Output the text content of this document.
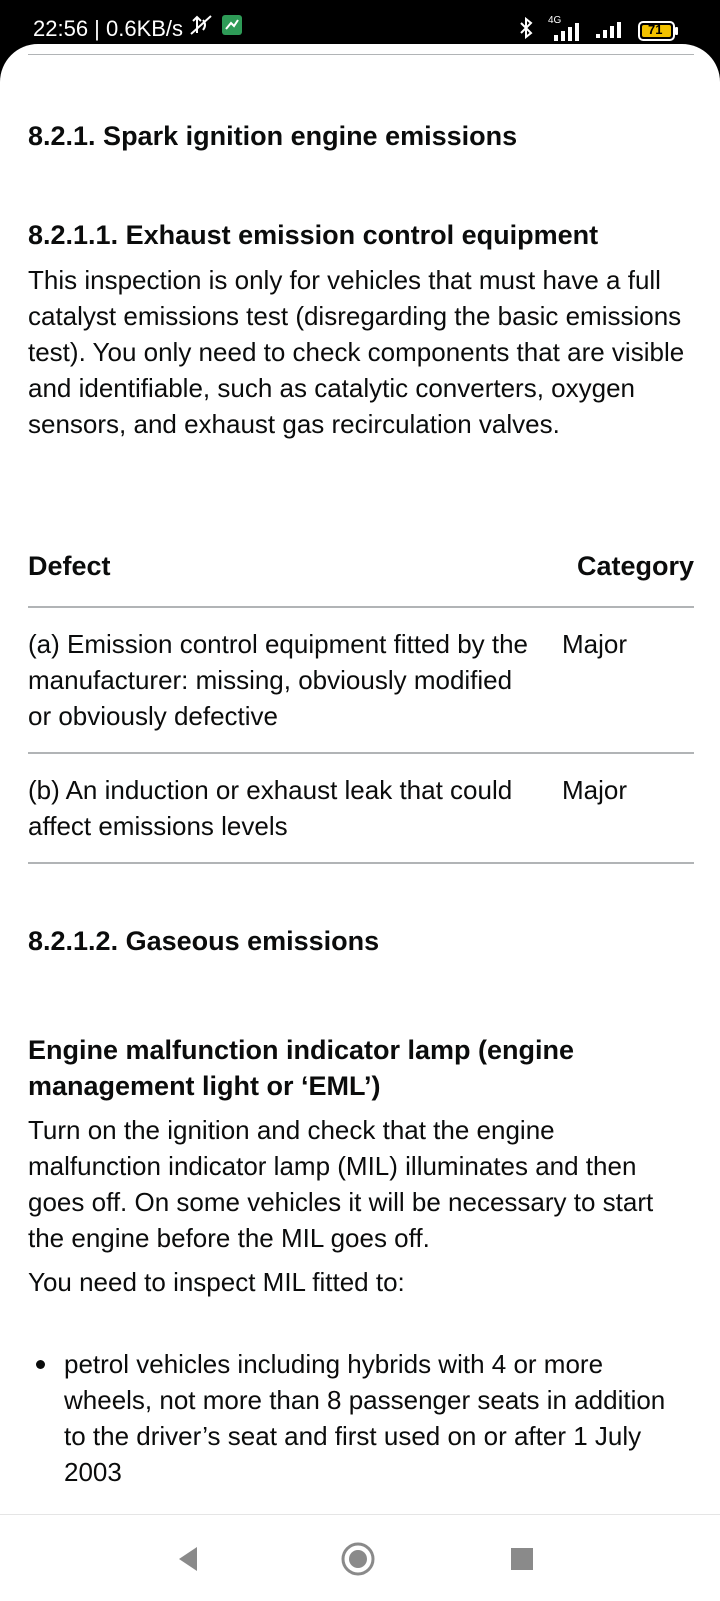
22:56 | 0.6KB/s	4G
71
8.2.1. Spark ignition engine emissions
8.2.1.1. Exhaust emission control equipment

This inspection is only for vehicles that must have a full catalyst emissions test (disregarding the basic emissions test). You only need to check components that are visible and identifiable, such as catalytic converters, oxygen sensors, and exhaust gas recirculation valves.

Defect	Category
(a) Emission control equipment fitted by the manufacturer: missing, obviously modified or obviously defective
Major
(b) An induction or exhaust leak that could affect emissions levels
Major
8.2.1.2. Gaseous emissions
Engine malfunction indicator lamp (engine management light or ‘EML’)

Turn on the ignition and check that the engine malfunction indicator lamp (MIL) illuminates and then goes off. On some vehicles it will be necessary to start the engine before the MIL goes off.

You need to inspect MIL fitted to:

petrol vehicles including hybrids with 4 or more wheels, not more than 8 passenger seats in addition to the driver’s seat and first used on or after 1 July 2003
